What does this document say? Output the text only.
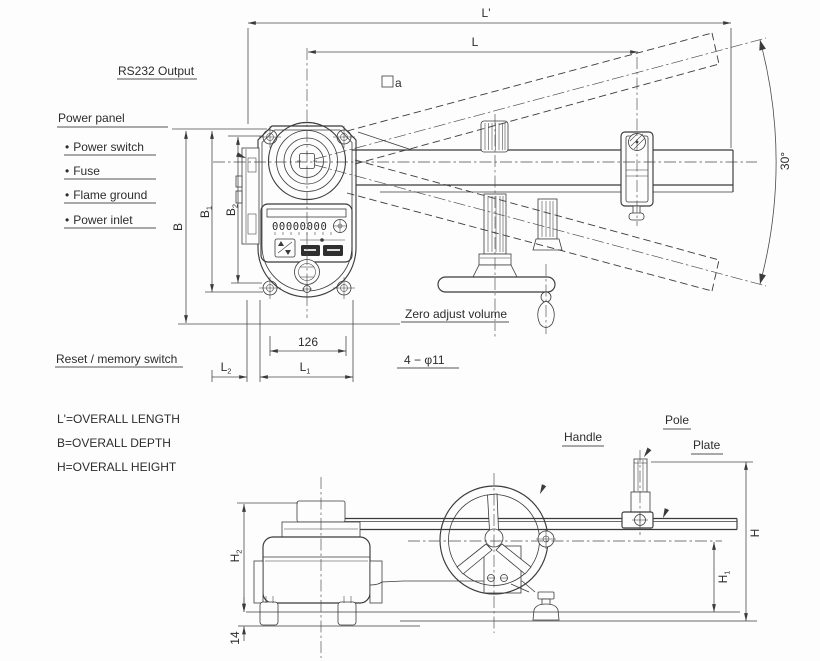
00000000
30°
L'
L
B
$B_1$
$B_2$
126
$L_2$	$L_1$
RS232 Output
Power panel
• Power switch
• Fuse
• Flame ground
• Power inlet
Reset / memory switch
Zero adjust volume
4 − φ11
a
H
$H_1$
$H_2$
14
Handle
Pole
Plate
L'=OVERALL LENGTH
B=OVERALL DEPTH
H=OVERALL HEIGHT
